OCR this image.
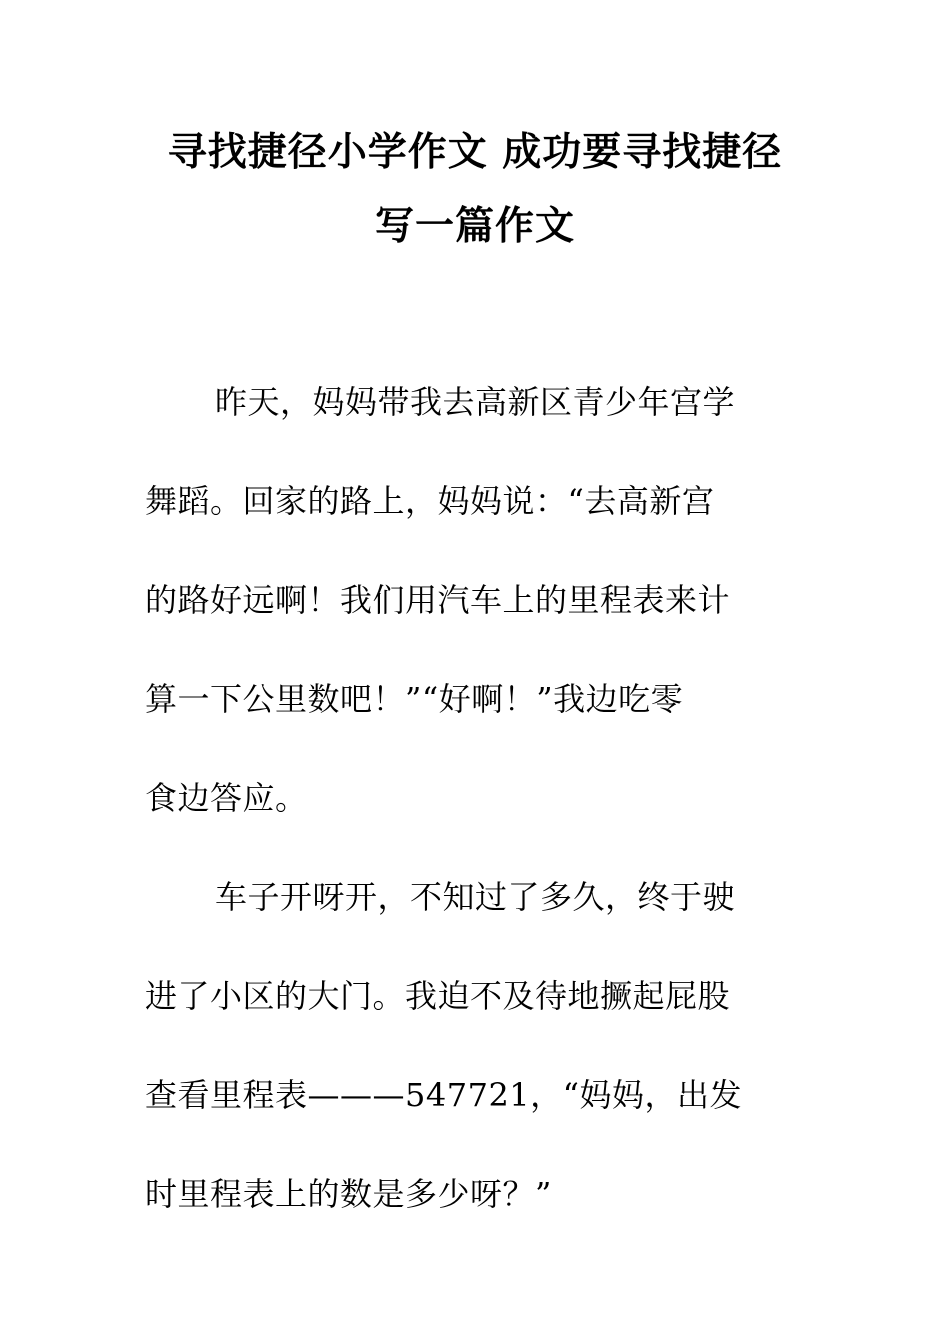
寻找捷径小学作文 成功要寻找捷径
写一篇作文
昨天，妈妈带我去高新区青少年宫学
舞蹈。回家的路上，妈妈说：“去高新宫
的路好远啊！我们用汽车上的里程表来计
算一下公里数吧！”“好啊！”我边吃零
食边答应。
车子开呀开，不知过了多久，终于驶
进了小区的大门。我迫不及待地撅起屁股
查看里程表———547721，“妈妈，出发
时里程表上的数是多少呀？”
